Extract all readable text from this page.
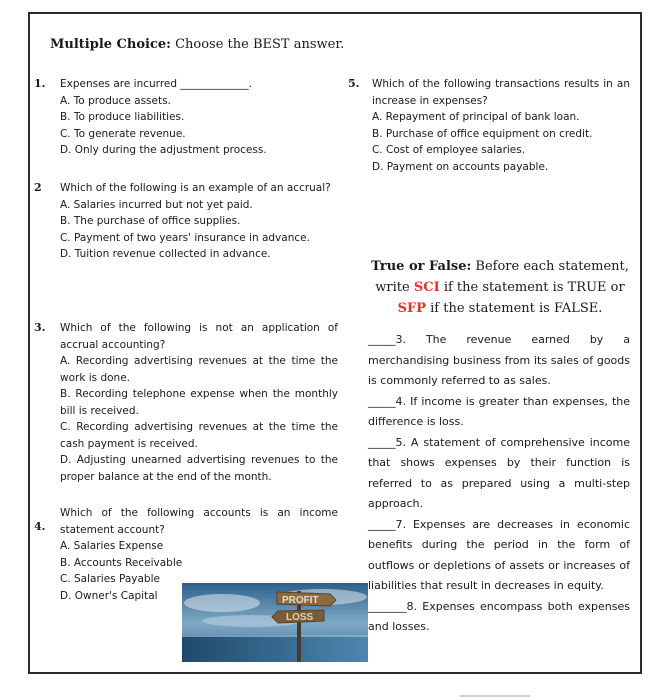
Multiple Choice: Choose the BEST answer.
1.	Expenses are incurred _____________.
A. To produce assets.
B. To produce liabilities.
C. To generate revenue.
D. Only during the adjustment process.
2	Which of the following is an example of an accrual?
A. Salaries incurred but not yet paid.
B. The purchase of office supplies.
C. Payment of two years' insurance in advance.
D. Tuition revenue collected in advance.
3.	Which of the following is not an application of accrual accounting?
A. Recording advertising revenues at the time the work is done.
B. Recording telephone expense when the monthly bill is received.
C. Recording advertising revenues at the time the cash payment is received.
D. Adjusting unearned advertising revenues to the proper balance at the end of the month.
4.
Which of the following accounts is an income statement account?
A. Salaries Expense
B. Accounts Receivable
C. Salaries Payable
D. Owner's Capital
5. Which of the following transactions results in an increase in expenses?
A. Repayment of principal of bank loan.
B. Purchase of office equipment on credit.
C. Cost of employee salaries.
D. Payment on accounts payable.
True or False: Before each statement,
write SCI if the statement is TRUE or
SFP if the statement is FALSE.

_____3. The revenue earned by a merchandising business from its sales of goods is commonly referred to as sales.

_____4. If income is greater than expenses, the difference is loss.

_____5. A statement of comprehensive income that shows expenses by their function is referred to as prepared using a multi-step approach.

_____7. Expenses are decreases in economic benefits during the period in the form of outflows or depletions of assets or increases of liabilities that result in decreases in equity.

_______8. Expenses encompass both expenses and losses.

PROFIT
LOSS
